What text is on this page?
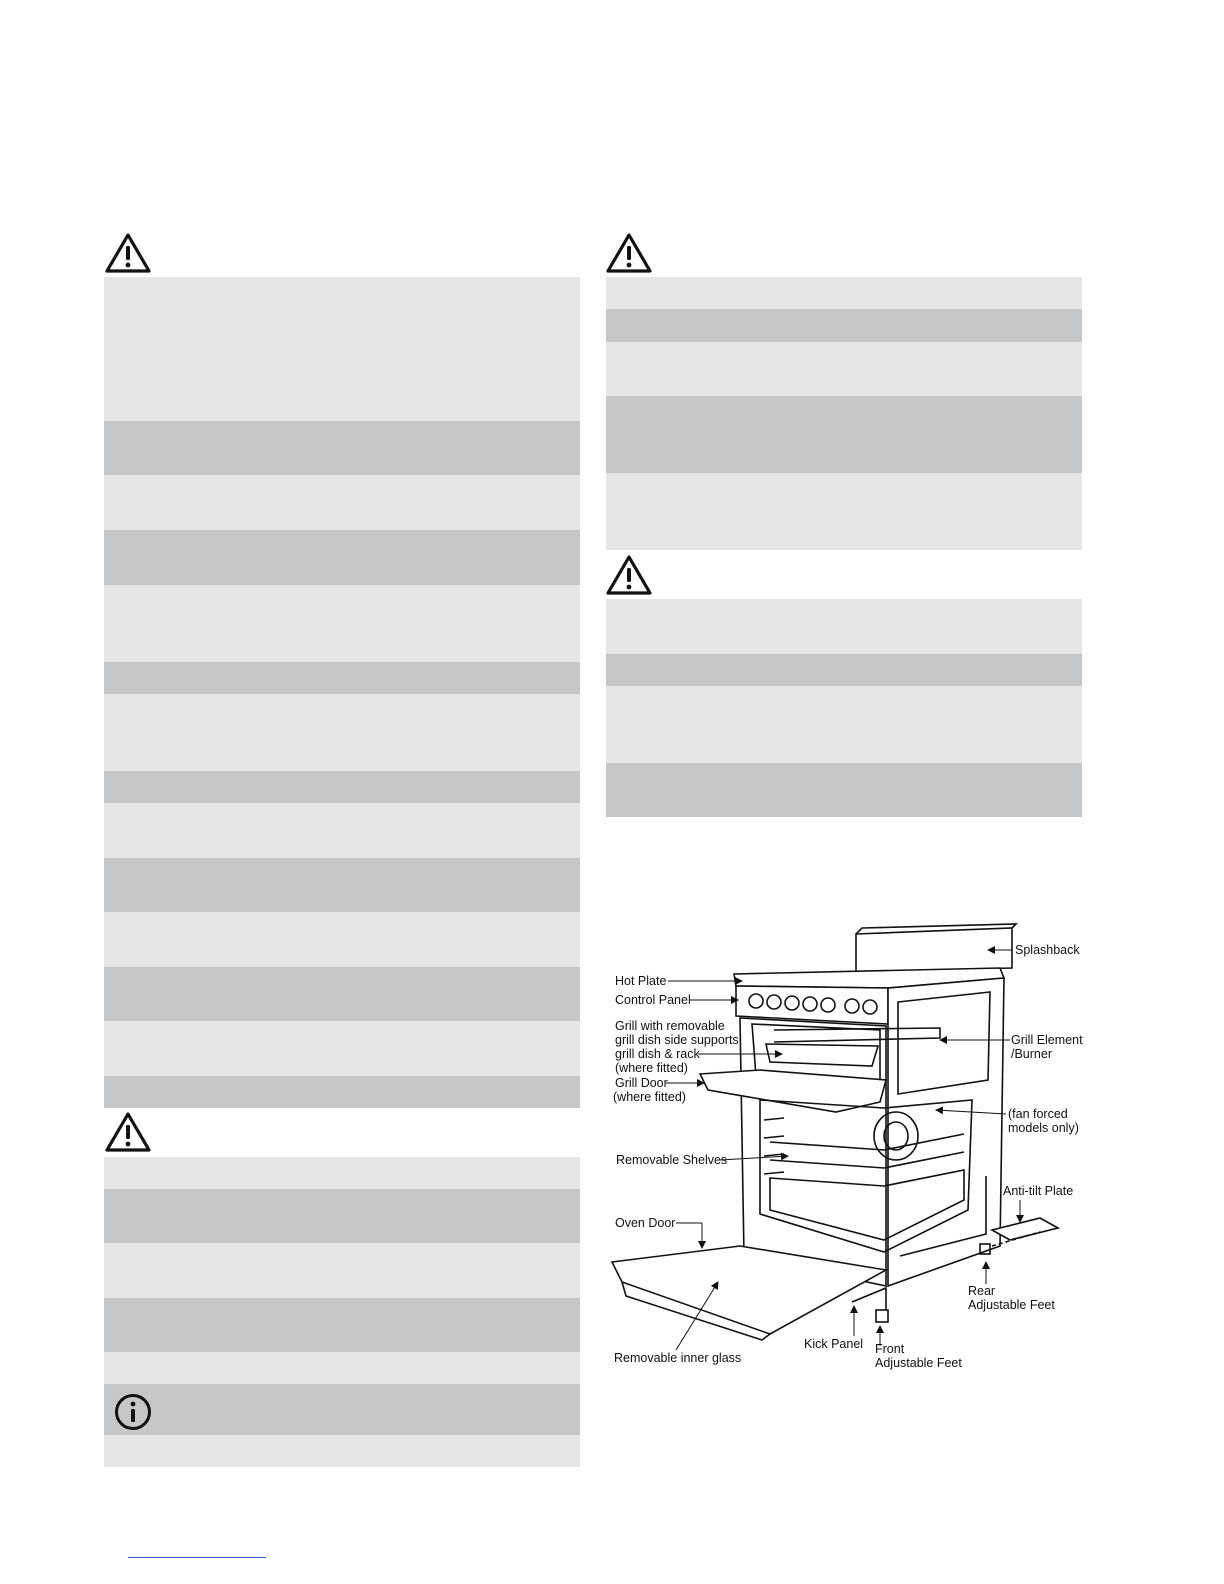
Splashback
Hot Plate
Control Panel
Grill with removable
grill dish side supports,
grill dish & rack
(where fitted)
Grill Element
/Burner
Grill Door
(where fitted)
(fan forced
models only)
Removable Shelves
Anti-tilt Plate
Oven Door
Rear
Adjustable Feet
Kick Panel Front
Adjustable Feet
Removable inner glass
